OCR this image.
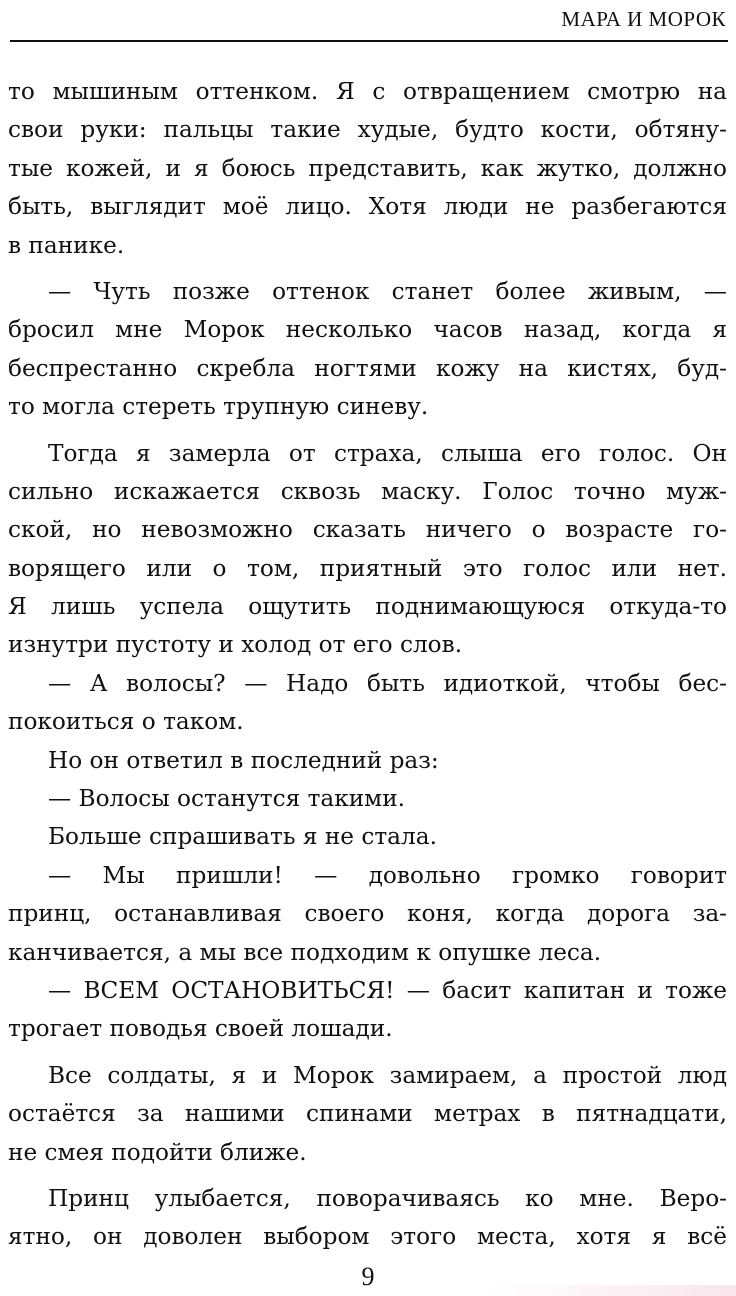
МАРА И МОРОК
то мышиным оттенком. Я с отвращением смотрю на
свои руки: пальцы такие худые, будто кости, обтяну-
тые кожей, и я боюсь представить, как жутко, должно
быть, выглядит моё лицо. Хотя люди не разбегаются
в панике.
— Чуть позже оттенок станет более живым, —
бросил мне Морок несколько часов назад, когда я
беспрестанно скребла ногтями кожу на кистях, буд-
то могла стереть трупную синеву.
Тогда я замерла от страха, слыша его голос. Он
сильно искажается сквозь маску. Голос точно муж-
ской, но невозможно сказать ничего о возрасте го-
ворящего или о том, приятный это голос или нет.
Я лишь успела ощутить поднимающуюся откуда-то
изнутри пустоту и холод от его слов.
— А волосы? — Надо быть идиоткой, чтобы бес-
покоиться о таком.
Но он ответил в последний раз:
— Волосы останутся такими.
Больше спрашивать я не стала.
— Мы пришли! — довольно громко говорит
принц, останавливая своего коня, когда дорога за-
канчивается, а мы все подходим к опушке леса.
— ВСЕМ ОСТАНОВИТЬСЯ! — басит капитан и тоже
трогает поводья своей лошади.
Все солдаты, я и Морок замираем, а простой люд
остаётся за нашими спинами метрах в пятнадцати,
не смея подойти ближе.
Принц улыбается, поворачиваясь ко мне. Веро-
ятно, он доволен выбором этого места, хотя я всё
9
